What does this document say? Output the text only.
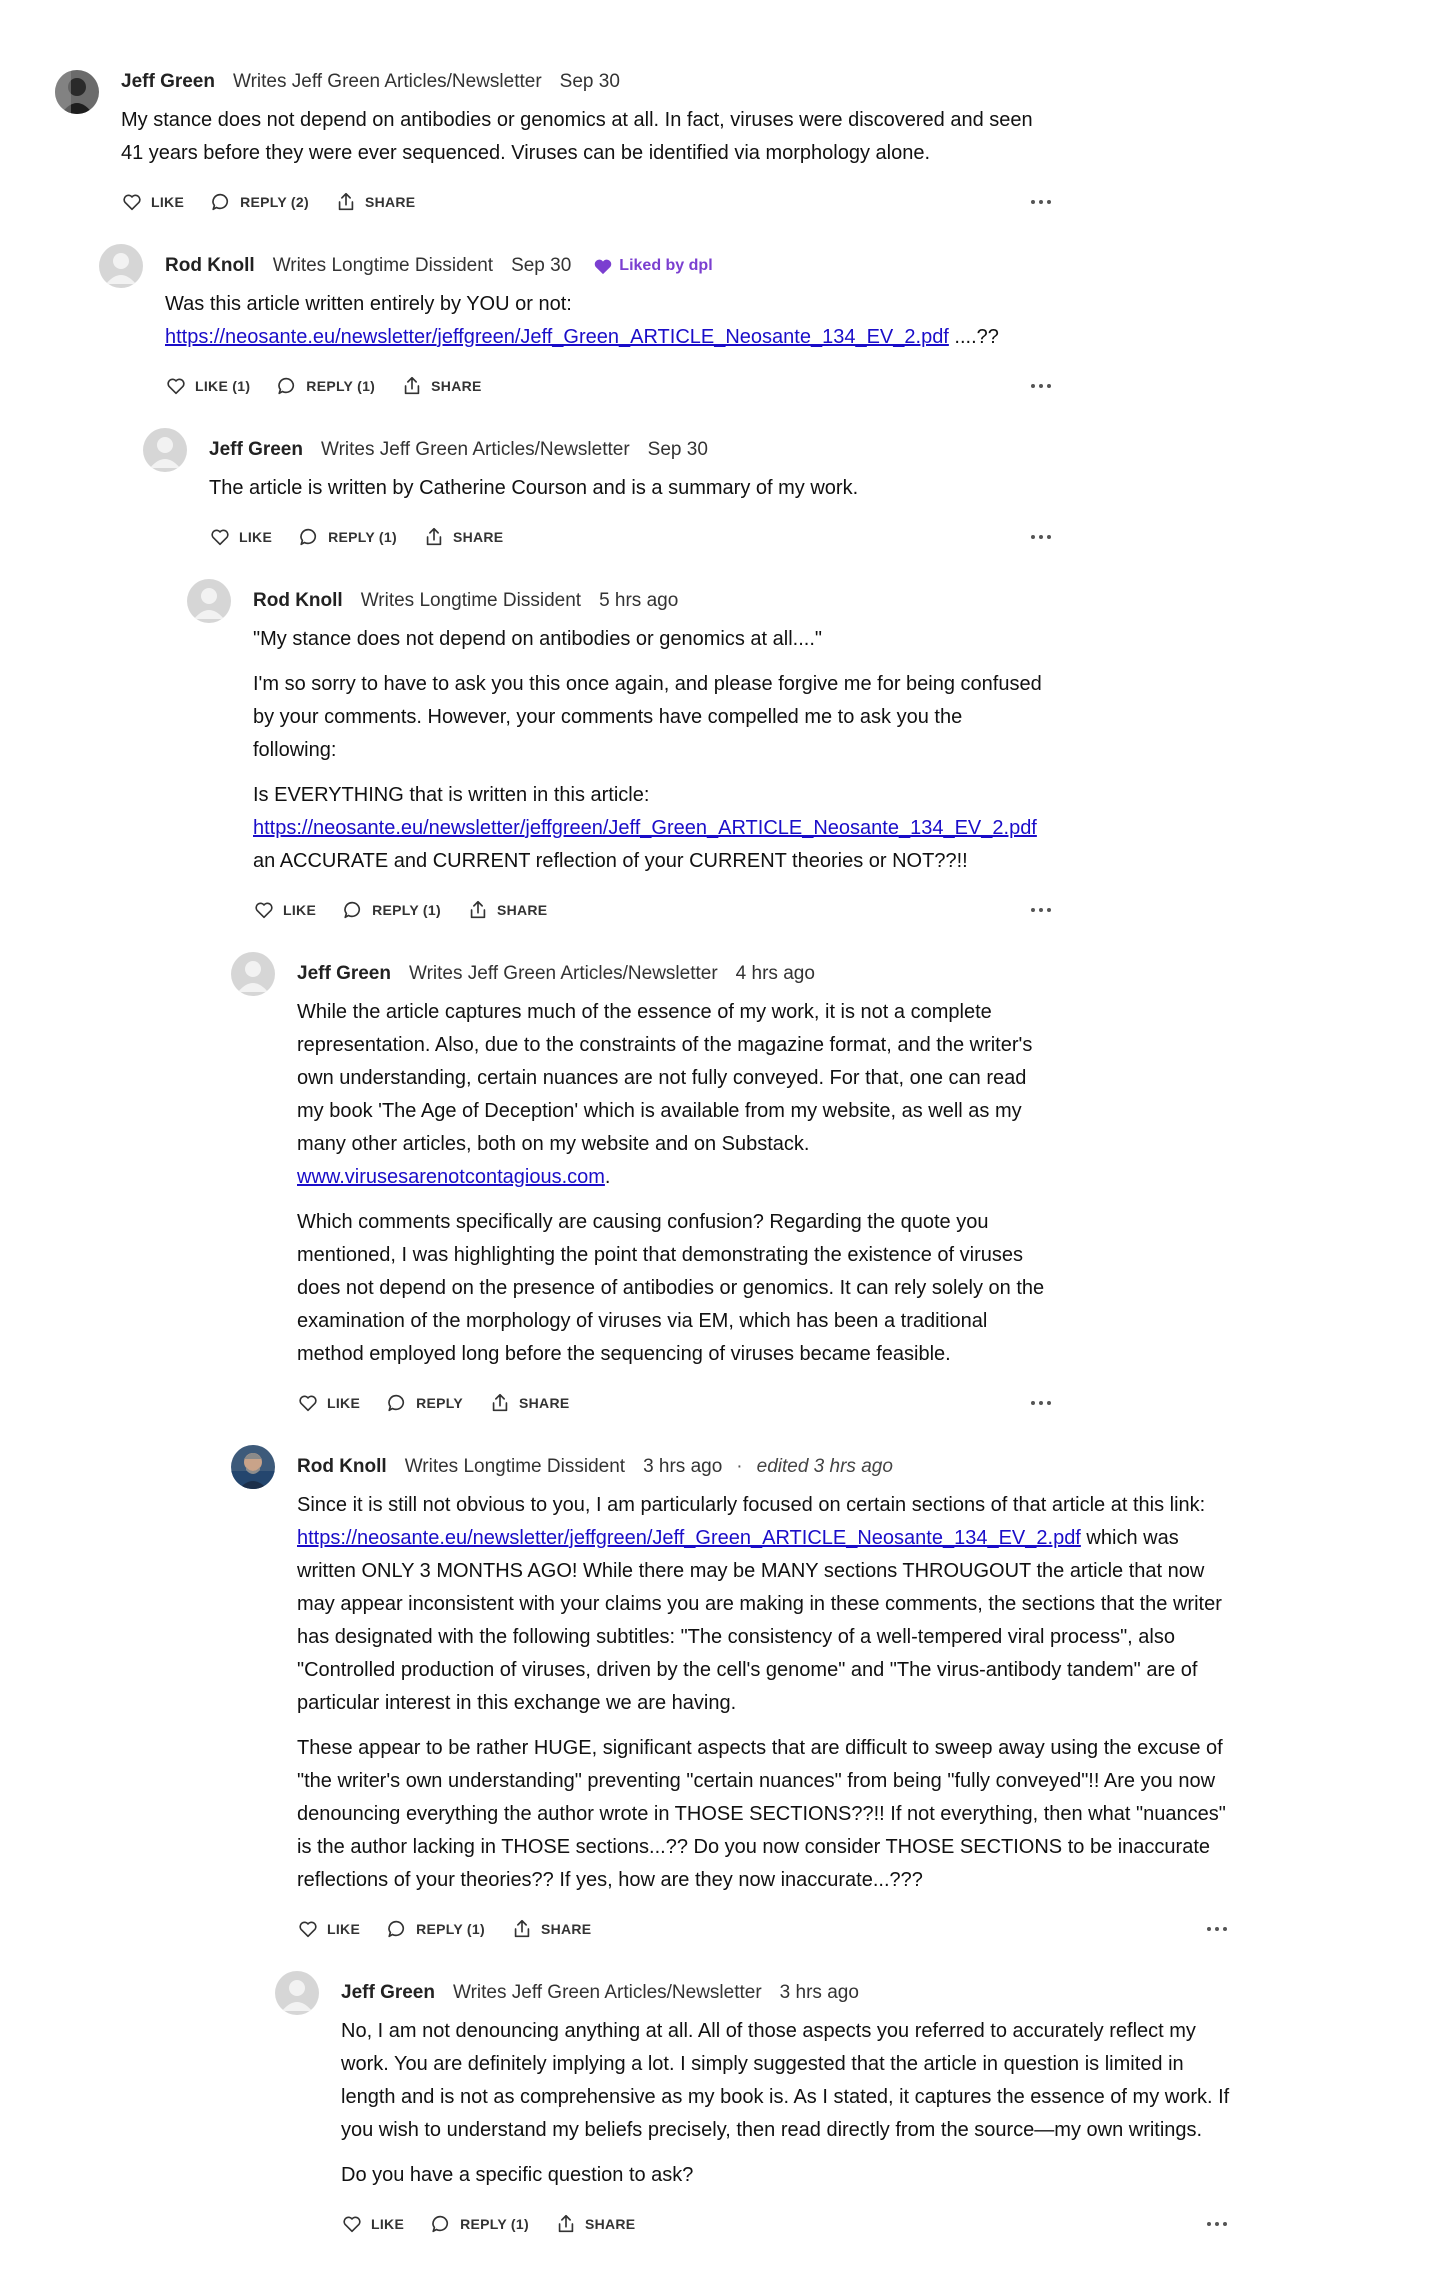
Jeff Green Writes Jeff Green Articles/Newsletter Sep 30

My stance does not depend on antibodies or genomics at all. In fact, viruses were discovered and seen 41 years before they were ever sequenced. Viruses can be identified via morphology alone.

LIKE	REPLY (2)	SHARE
Rod Knoll Writes Longtime Dissident Sep 30	Liked by dpl

Was this article written entirely by YOU or not:
https://neosante.eu/newsletter/jeffgreen/Jeff_Green_ARTICLE_Neosante_134_EV_2.pdf ....??

LIKE (1)	REPLY (1)	SHARE
Jeff Green Writes Jeff Green Articles/Newsletter Sep 30

The article is written by Catherine Courson and is a summary of my work.

LIKE	REPLY (1)	SHARE
Rod Knoll Writes Longtime Dissident 5 hrs ago

"My stance does not depend on antibodies or genomics at all...."

I'm so sorry to have to ask you this once again, and please forgive me for being confused by your comments. However, your comments have compelled me to ask you the following:

Is EVERYTHING that is written in this article:
https://neosante.eu/newsletter/jeffgreen/Jeff_Green_ARTICLE_Neosante_134_EV_2.pdf an ACCURATE and CURRENT reflection of your CURRENT theories or NOT??!!

LIKE	REPLY (1)	SHARE
Jeff Green Writes Jeff Green Articles/Newsletter 4 hrs ago

While the article captures much of the essence of my work, it is not a complete representation. Also, due to the constraints of the magazine format, and the writer's own understanding, certain nuances are not fully conveyed. For that, one can read my book 'The Age of Deception' which is available from my website, as well as my many other articles, both on my website and on Substack.
www.virusesarenotcontagious.com.

Which comments specifically are causing confusion? Regarding the quote you mentioned, I was highlighting the point that demonstrating the existence of viruses does not depend on the presence of antibodies or genomics. It can rely solely on the examination of the morphology of viruses via EM, which has been a traditional method employed long before the sequencing of viruses became feasible.

LIKE	REPLY	SHARE
Rod Knoll Writes Longtime Dissident 3 hrs ago · edited 3 hrs ago

Since it is still not obvious to you, I am particularly focused on certain sections of that article at this link: https://neosante.eu/newsletter/jeffgreen/Jeff_Green_ARTICLE_Neosante_134_EV_2.pdf which was written ONLY 3 MONTHS AGO! While there may be MANY sections THROUGOUT the article that now may appear inconsistent with your claims you are making in these comments, the sections that the writer has designated with the following subtitles: "The consistency of a well-tempered viral process", also "Controlled production of viruses, driven by the cell's genome" and "The virus-antibody tandem" are of particular interest in this exchange we are having.

These appear to be rather HUGE, significant aspects that are difficult to sweep away using the excuse of "the writer's own understanding" preventing "certain nuances" from being "fully conveyed"!! Are you now denouncing everything the author wrote in THOSE SECTIONS??!! If not everything, then what "nuances" is the author lacking in THOSE sections...?? Do you now consider THOSE SECTIONS to be inaccurate reflections of your theories?? If yes, how are they now inaccurate...???

LIKE	REPLY (1)	SHARE
Jeff Green Writes Jeff Green Articles/Newsletter 3 hrs ago

No, I am not denouncing anything at all. All of those aspects you referred to accurately reflect my work. You are definitely implying a lot. I simply suggested that the article in question is limited in length and is not as comprehensive as my book is. As I stated, it captures the essence of my work. If you wish to understand my beliefs precisely, then read directly from the source—my own writings.

Do you have a specific question to ask?

LIKE	REPLY (1)	SHARE
